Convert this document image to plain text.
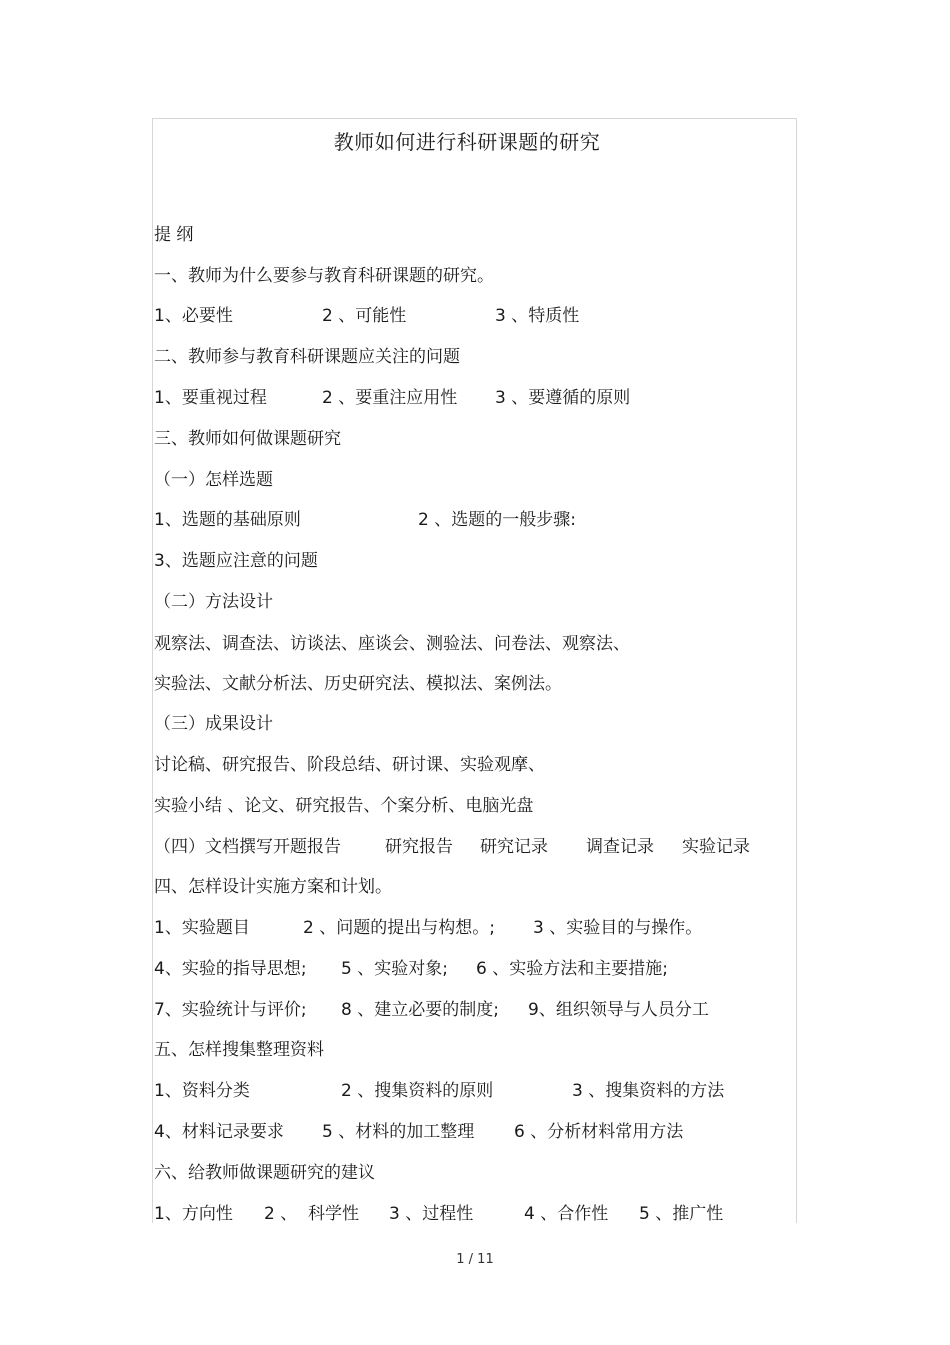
教师如何进行科研课题的研究
提 纲
一、教师为什么要参与教育科研课题的研究。
1、必要性	2 、可能性	3 、特质性
二、教师参与教育科研课题应关注的问题
1、要重视过程	2 、要重注应用性 3 、要遵循的原则
三、教师如何做课题研究
（一）怎样选题
1、选题的基础原则	2 、选题的一般步骤:
3、选题应注意的问题
（二）方法设计
观察法、调查法、访谈法、座谈会、测验法、问卷法、观察法、
实验法、文献分析法、历史研究法、模拟法、案例法。
（三）成果设计
讨论稿、研究报告、阶段总结、研讨课、实验观摩、
实验小结 、论文、研究报告、个案分析、电脑光盘
（四）文档撰写开题报告	研究报告 研究记录 调查记录 实验记录
四、怎样设计实施方案和计划。
1、实验题目	2 、问题的提出与构想。; 3 、实验目的与操作。
4、实验的指导思想; 5 、实验对象; 6 、实验方法和主要措施;
7、实验统计与评价; 8 、建立必要的制度; 9、组织领导与人员分工
五、怎样搜集整理资料
1、资料分类	2 、搜集资料的原则	3 、搜集资料的方法
4、材料记录要求 5 、材料的加工整理 6 、分析材料常用方法
六、给教师做课题研究的建议
1、方向性 2 、 科学性 3 、过程性	4 、合作性 5 、推广性
1 / 11
